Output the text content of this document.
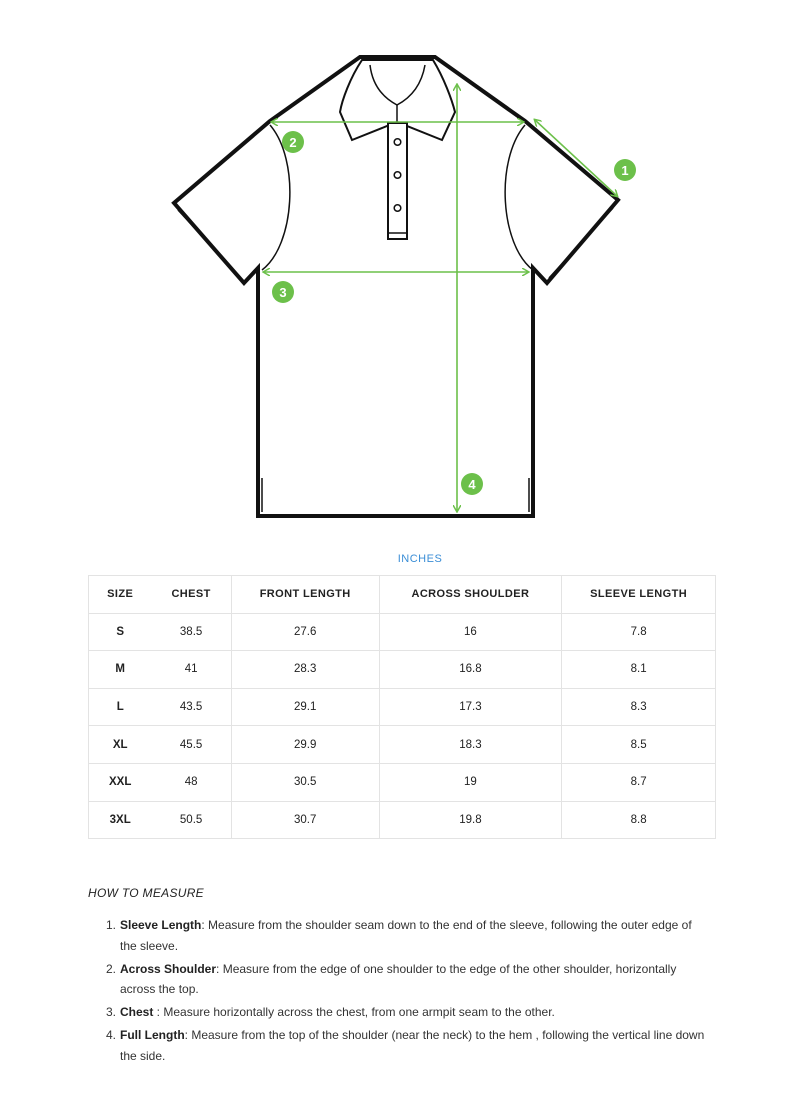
1
2
3
4
INCHES
SIZE	CHEST	FRONT LENGTH	ACROSS SHOULDER	SLEEVE LENGTH
S	38.5	27.6	16	7.8
M	41	28.3	16.8	8.1
L	43.5	29.1	17.3	8.3
XL	45.5	29.9	18.3	8.5
XXL	48	30.5	19	8.7
3XL	50.5	30.7	19.8	8.8
HOW TO MEASURE
1. Sleeve Length: Measure from the shoulder seam down to the end of the sleeve, following the outer edge of the sleeve.
2. Across Shoulder: Measure from the edge of one shoulder to the edge of the other shoulder, horizontally across the top.
3. Chest : Measure horizontally across the chest, from one armpit seam to the other.
4. Full Length: Measure from the top of the shoulder (near the neck) to the hem , following the vertical line down the side.
